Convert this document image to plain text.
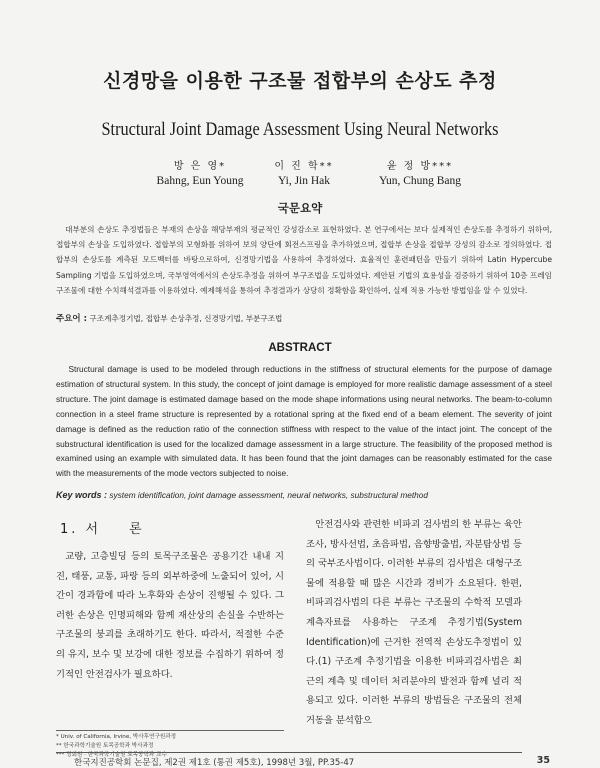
신경망을 이용한 구조물 접합부의 손상도 추정
Structural Joint Damage Assessment Using Neural Networks
방 은 영*
Bahng, Eun Young
이 진 학**
Yi, Jin Hak
윤 정 방***
Yun, Chung Bang
국문요약

대부분의 손상도 추정법들은 부재의 손상을 해당부재의 평균적인 강성감소로 표현하였다. 본 연구에서는 보다 실제적인 손상도를 추정하기 위하여, 접합부의 손상을 도입하였다. 접합부의 모형화를 위하여 보의 양단에 회전스프링을 추가하였으며, 접합부 손상을 접합부 강성의 감소로 정의하였다. 접합부의 손상도를 계측된 모드벡터를 바탕으로하여, 신경망기법을 사용하여 추정하였다. 효율적인 훈련패턴을 만들기 위하여 Latin Hypercube Sampling 기법을 도입하였으며, 국부영역에서의 손상도추정을 위하여 부구조법을 도입하였다. 제안된 기법의 효용성을 검증하기 위하여 10층 프레임구조물에 대한 수치해석결과를 이용하였다. 예제해석을 통하여 추정결과가 상당히 정확함을 확인하여, 실제 적용 가능한 방법임을 알 수 있었다.

주요어 : 구조계추정기법, 접합부 손상추정, 신경망기법, 부분구조법
ABSTRACT

Structural damage is used to be modeled through reductions in the stiffness of structural elements for the purpose of damage estimation of structural system. In this study, the concept of joint damage is employed for more realistic damage assessment of a steel structure. The joint damage is estimated damage based on the mode shape informations using neural networks. The beam-to-column connection in a steel frame structure is represented by a rotational spring at the fixed end of a beam element. The severity of joint damage is defined as the reduction ratio of the connection stiffness with respect to the value of the intact joint. The concept of the substructural identification is used for the localized damage assessment in a large structure. The feasibility of the proposed method is examined using an example with simulated data. It has been found that the joint damages can be reasonably estimated for the case with the measurements of the mode vectors subjected to noise.

Key words : system identification, joint damage assessment, neural networks, substructural method
1. 서 론

교량, 고층빌딩 등의 토목구조물은 공용기간 내내 지진, 태풍, 교통, 파랑 등의 외부하중에 노출되어 있어, 시간이 경과함에 따라 노후화와 손상이 진행될 수 있다. 그러한 손상은 인명피해와 함께 재산상의 손실을 수반하는 구조물의 붕괴를 초래하기도 한다. 따라서, 적절한 수준의 유지, 보수 및 보강에 대한 정보를 수집하기 위하여 정기적인 안전검사가 필요하다.

안전검사와 관련한 비파괴 검사법의 한 부류는 육안조사, 방사선법, 초음파법, 음향방출법, 자분탐상법 등의 국부조사법이다. 이러한 부류의 검사법은 대형구조물에 적용할 때 많은 시간과 경비가 소요된다. 한편, 비파괴검사법의 다른 부류는 구조물의 수학적 모델과 계측자료를 사용하는 구조계 추정기법(System Identification)에 근거한 전역적 손상도추정법이 있다.(1) 구조계 추정기법을 이용한 비파괴검사법은 최근의 계측 및 데이터 처리분야의 발전과 함께 널리 적용되고 있다. 이러한 부류의 방법들은 구조물의 전체 거동을 분석함으

* Univ. of California, Irvine, 박사후연구원과정
** 한국과학기술원 토목공학과 박사과정
*** 정회원 · 한국과학기술원 토목공학과 교수
한국지진공학회 논문집, 제2권 제1호 (통권 제5호), 1998년 3월, PP.35-47	35
